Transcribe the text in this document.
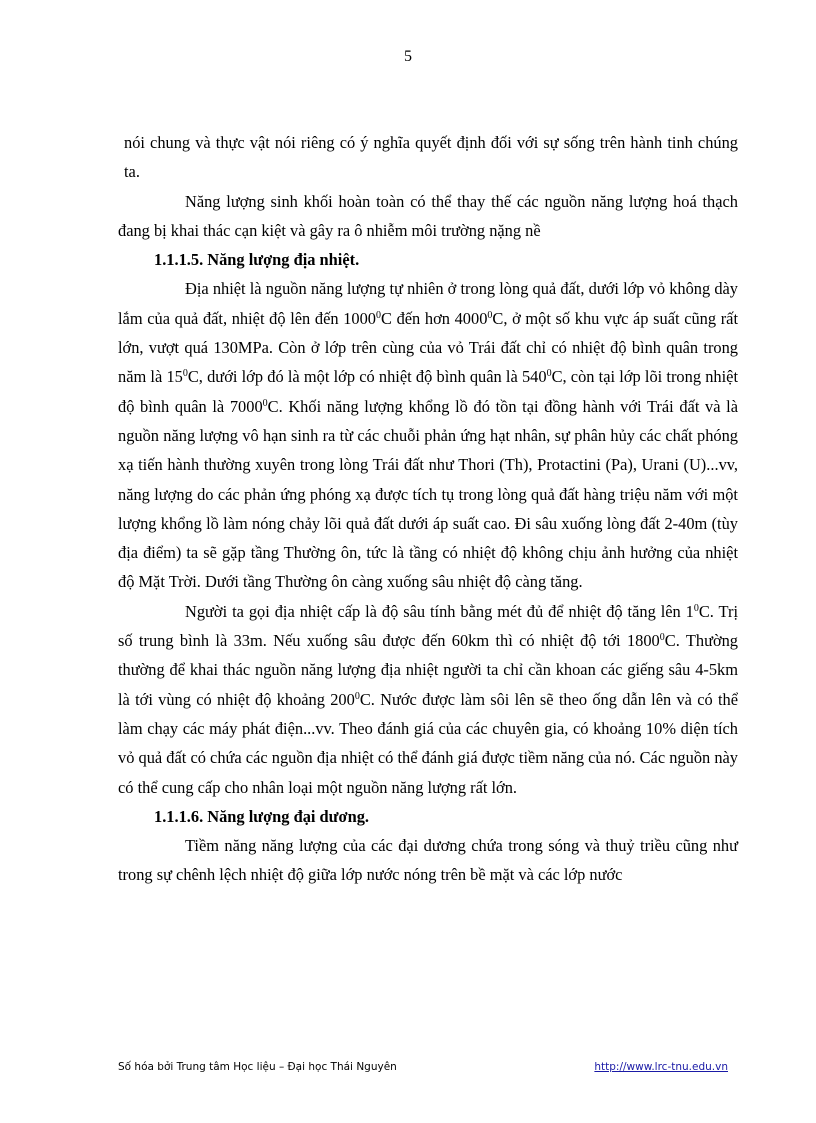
5

nói chung và thực vật nói riêng có ý nghĩa quyết định đối với sự sống trên hành tinh chúng ta.

Năng lượng sinh khối hoàn toàn có thể thay thế các nguồn năng lượng hoá thạch đang bị khai thác cạn kiệt và gây ra ô nhiễm môi trường nặng nề

1.1.1.5. Năng lượng địa nhiệt.

Địa nhiệt là nguồn năng lượng tự nhiên ở trong lòng quả đất, dưới lớp vỏ không dày lắm của quả đất, nhiệt độ lên đến 1000$^0$C đến hơn 4000$^0$C, ở một số khu vực áp suất cũng rất lớn, vượt quá 130MPa. Còn ở lớp trên cùng của vỏ Trái đất chỉ có nhiệt độ bình quân trong năm là $15^0C$, dưới lớp đó là một lớp có nhiệt độ bình quân là $540^0C$, còn tại lớp lõi trong nhiệt độ bình quân là 7000$^0$C. Khối năng lượng khổng lồ đó tồn tại đồng hành với Trái đất và là nguồn năng lượng vô hạn sinh ra từ các chuỗi phản ứng hạt nhân, sự phân hủy các chất phóng xạ tiến hành thường xuyên trong lòng Trái đất như Thori (Th), Protactini (Pa), Urani (U)...vv, năng lượng do các phản ứng phóng xạ được tích tụ trong lòng quả đất hàng triệu năm với một lượng khổng lồ làm nóng chảy lõi quả đất dưới áp suất cao. Đi sâu xuống lòng đất 2-40m (tùy địa điểm) ta sẽ gặp tầng Thường ôn, tức là tầng có nhiệt độ không chịu ảnh hưởng của nhiệt độ Mặt Trời. Dưới tầng Thường ôn càng xuống sâu nhiệt độ càng tăng.

Người ta gọi địa nhiệt cấp là độ sâu tính bằng mét đủ để nhiệt độ tăng lên $1^0C$. Trị số trung bình là 33m. Nếu xuống sâu được đến 60km thì có nhiệt độ tới 1800$^0$C. Thường thường để khai thác nguồn năng lượng địa nhiệt người ta chỉ cần khoan các giếng sâu 4-5km là tới vùng có nhiệt độ khoảng $200^0C$. Nước được làm sôi lên sẽ theo ống dẫn lên và có thể làm chạy các máy phát điện...vv. Theo đánh giá của các chuyên gia, có khoảng 10% diện tích vỏ quả đất có chứa các nguồn địa nhiệt có thể đánh giá được tiềm năng của nó. Các nguồn này có thể cung cấp cho nhân loại một nguồn năng lượng rất lớn.

1.1.1.6. Năng lượng đại dương.

Tiềm năng năng lượng của các đại dương chứa trong sóng và thuỷ triều cũng như trong sự chênh lệch nhiệt độ giữa lớp nước nóng trên bề mặt và các lớp nước

Số hóa bởi Trung tâm Học liệu – Đại học Thái Nguyên	http://www.lrc-tnu.edu.vn
